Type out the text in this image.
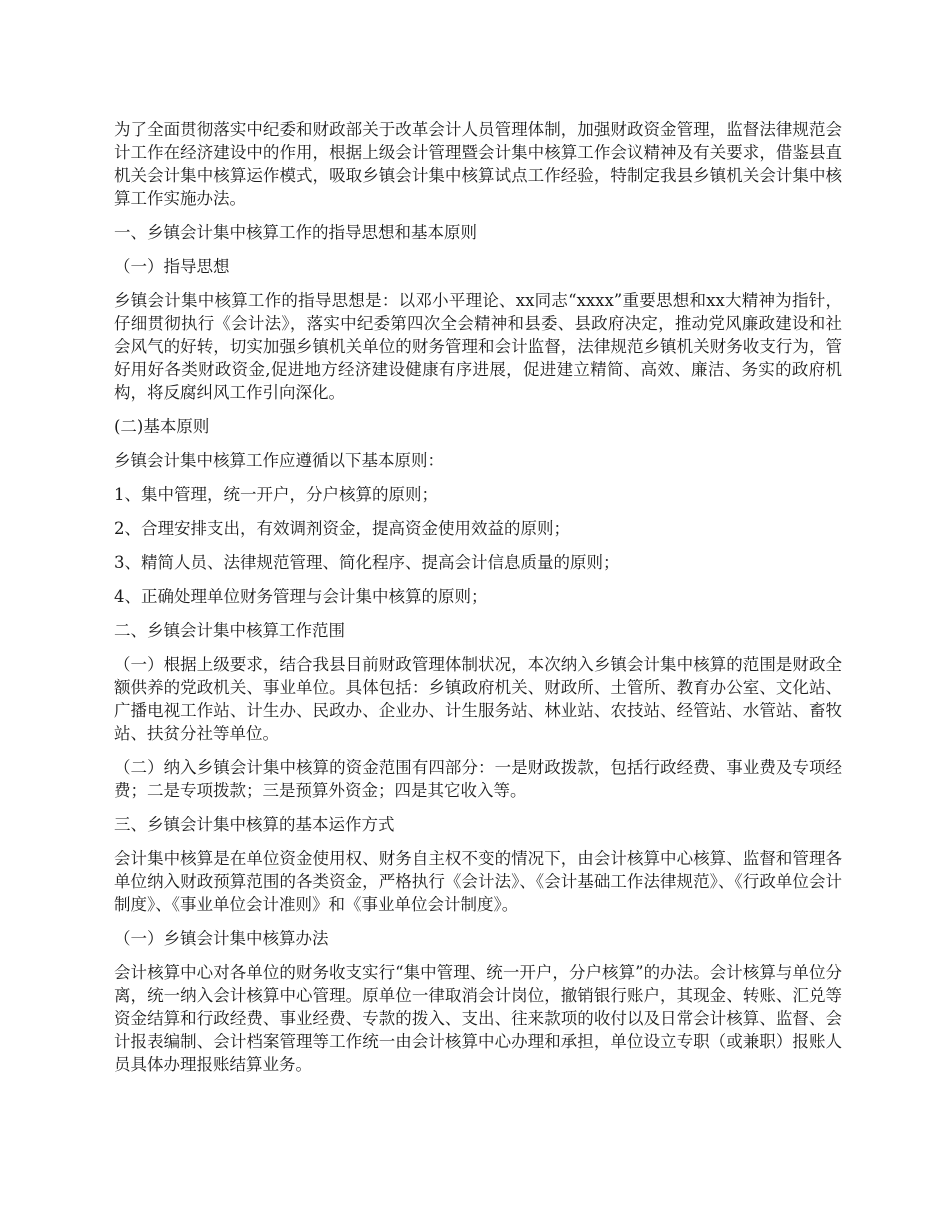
为了全面贯彻落实中纪委和财政部关于改革会计人员管理体制，加强财政资金管理，监督法律规范会计工作在经济建设中的作用，根据上级会计管理暨会计集中核算工作会议精神及有关要求，借鉴县直机关会计集中核算运作模式，吸取乡镇会计集中核算试点工作经验，特制定我县乡镇机关会计集中核算工作实施办法。

一、乡镇会计集中核算工作的指导思想和基本原则

（一）指导思想

乡镇会计集中核算工作的指导思想是：以邓小平理论、xx同志“xxxx”重要思想和xx大精神为指针，仔细贯彻执行《会计法》，落实中纪委第四次全会精神和县委、县政府决定，推动党风廉政建设和社会风气的好转，切实加强乡镇机关单位的财务管理和会计监督，法律规范乡镇机关财务收支行为，管好用好各类财政资金,促进地方经济建设健康有序进展，促进建立精简、高效、廉洁、务实的政府机构，将反腐纠风工作引向深化。

(二)基本原则

乡镇会计集中核算工作应遵循以下基本原则：

1、集中管理，统一开户，分户核算的原则；

2、合理安排支出，有效调剂资金，提高资金使用效益的原则；

3、精简人员、法律规范管理、简化程序、提高会计信息质量的原则；

4、正确处理单位财务管理与会计集中核算的原则；

二、乡镇会计集中核算工作范围

（一）根据上级要求，结合我县目前财政管理体制状况，本次纳入乡镇会计集中核算的范围是财政全额供养的党政机关、事业单位。具体包括：乡镇政府机关、财政所、土管所、教育办公室、文化站、广播电视工作站、计生办、民政办、企业办、计生服务站、林业站、农技站、经管站、水管站、畜牧站、扶贫分社等单位。

（二）纳入乡镇会计集中核算的资金范围有四部分：一是财政拨款，包括行政经费、事业费及专项经费；二是专项拨款；三是预算外资金；四是其它收入等。

三、乡镇会计集中核算的基本运作方式

会计集中核算是在单位资金使用权、财务自主权不变的情况下，由会计核算中心核算、监督和管理各单位纳入财政预算范围的各类资金，严格执行《会计法》、《会计基础工作法律规范》、《行政单位会计制度》、《事业单位会计准则》和《事业单位会计制度》。

（一）乡镇会计集中核算办法

会计核算中心对各单位的财务收支实行“集中管理、统一开户，分户核算”的办法。会计核算与单位分离，统一纳入会计核算中心管理。原单位一律取消会计岗位，撤销银行账户，其现金、转账、汇兑等资金结算和行政经费、事业经费、专款的拨入、支出、往来款项的收付以及日常会计核算、监督、会计报表编制、会计档案管理等工作统一由会计核算中心办理和承担，单位设立专职（或兼职）报账人员具体办理报账结算业务。
